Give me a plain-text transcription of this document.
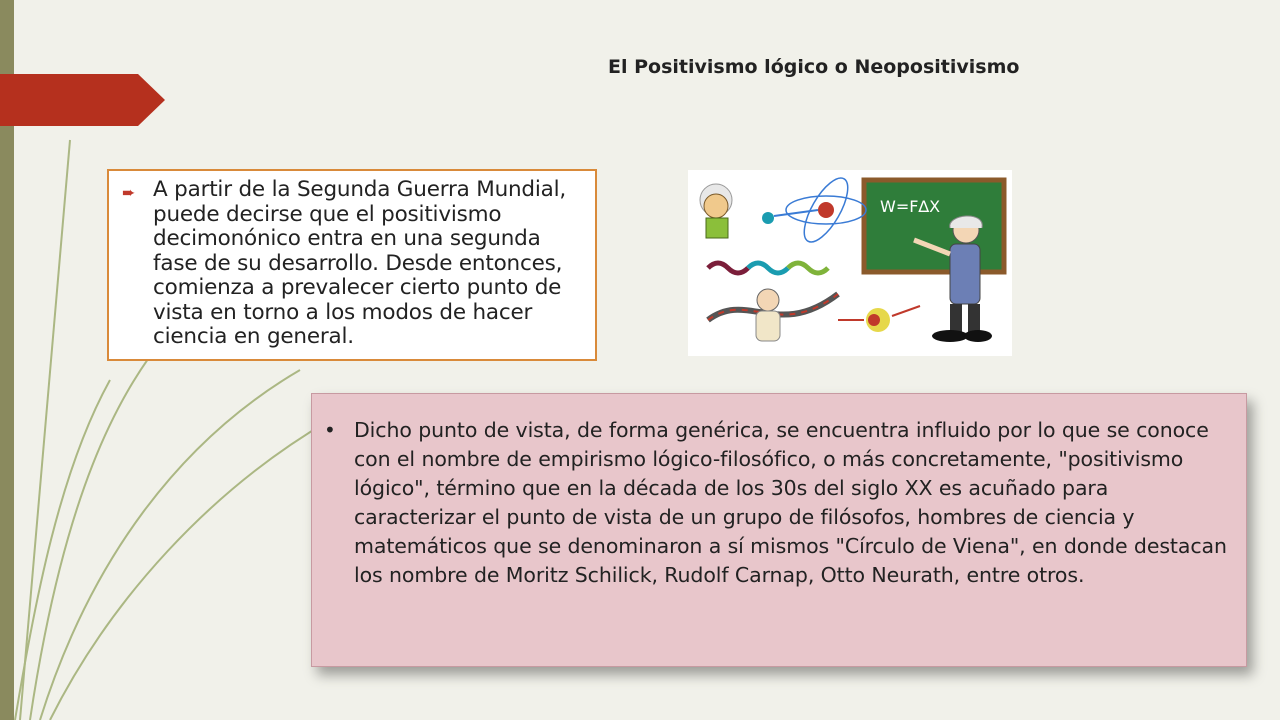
El Positivismo lógico o Neopositivismo
➨ A partir de la Segunda Guerra Mundial, puede decirse que el positivismo decimonónico entra en una segunda fase de su desarrollo. Desde entonces, comienza a prevalecer cierto punto de vista en torno a los modos de hacer ciencia en general.
W=F∆X
• Dicho punto de vista, de forma genérica, se encuentra influido por lo que se conoce con el nombre de empirismo lógico-filosófico, o más concretamente, "positivismo lógico", término que en la década de los 30s del siglo XX es acuñado para caracterizar el punto de vista de un grupo de filósofos, hombres de ciencia y matemáticos que se denominaron a sí mismos "Círculo de Viena", en donde destacan los nombre de Moritz Schilick, Rudolf Carnap, Otto Neurath, entre otros.
